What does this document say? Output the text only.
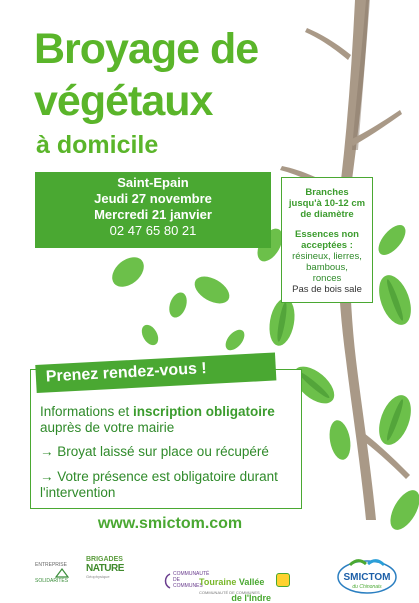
Broyage de
végétaux
à domicile
Saint-Epain
Jeudi 27 novembre
Mercredi 21 janvier
02 47 65 80 21
Branches
jusqu'à 10-12 cm
de diamètre
Essences non
acceptées :
résineux, lierres,
bambous,
ronces
Pas de bois sale
Prenez rendez-vous !
Informations et inscription obligatoire
auprès de votre mairie
→ Broyat laissé sur place ou récupéré
→ Votre présence est obligatoire durant
l'intervention
www.smictom.com
ENTREPRISE
SOLIDARITÉS
BRIGADES
NATURE
Géophysique	COMMUNAUTÉ DE COMMUNES
Touraine Vallée
COMMUNAUTÉ DE COMMUNES
de l'Indre
SMICTOM
du Chinonais
